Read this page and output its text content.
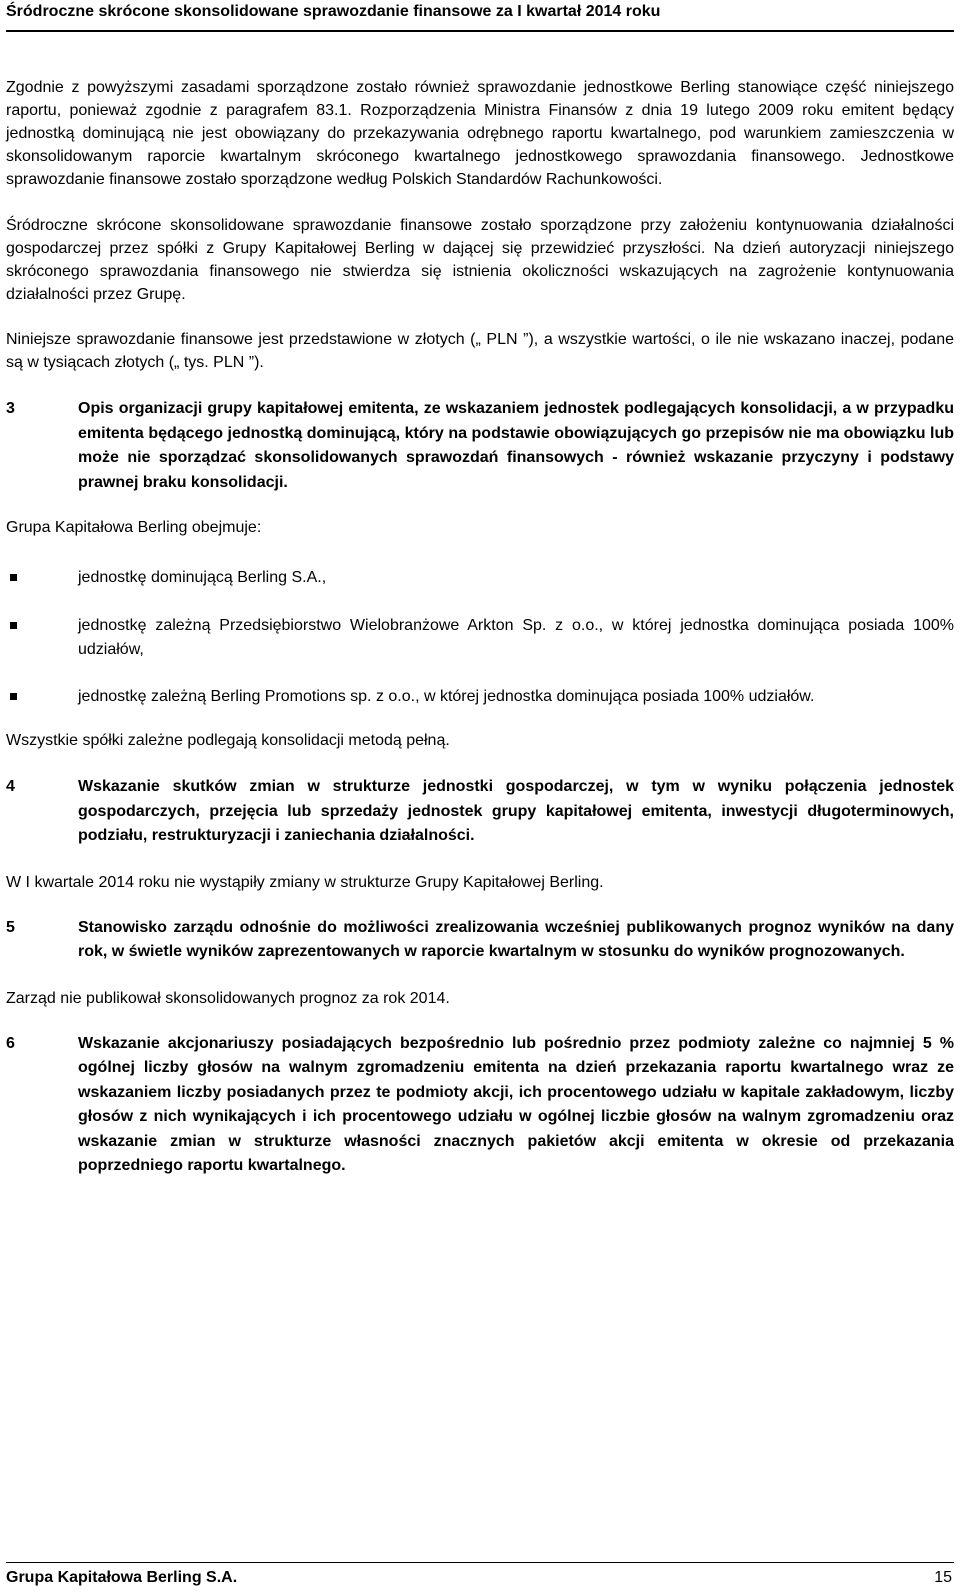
Śródroczne skrócone skonsolidowane sprawozdanie finansowe za I kwartał 2014 roku

Zgodnie z powyższymi zasadami sporządzone zostało również sprawozdanie jednostkowe Berling stanowiące część niniejszego raportu, ponieważ zgodnie z paragrafem 83.1. Rozporządzenia Ministra Finansów z dnia 19 lutego 2009 roku emitent będący jednostką dominującą nie jest obowiązany do przekazywania odrębnego raportu kwartalnego, pod warunkiem zamieszczenia w skonsolidowanym raporcie kwartalnym skróconego kwartalnego jednostkowego sprawozdania finansowego. Jednostkowe sprawozdanie finansowe zostało sporządzone według Polskich Standardów Rachunkowości.

Śródroczne skrócone skonsolidowane sprawozdanie finansowe zostało sporządzone przy założeniu kontynuowania działalności gospodarczej przez spółki z Grupy Kapitałowej Berling w dającej się przewidzieć przyszłości. Na dzień autoryzacji niniejszego skróconego sprawozdania finansowego nie stwierdza się istnienia okoliczności wskazujących na zagrożenie kontynuowania działalności przez Grupę.

Niniejsze sprawozdanie finansowe jest przedstawione w złotych („ PLN ”), a wszystkie wartości, o ile nie wskazano inaczej, podane są w tysiącach złotych („ tys. PLN ”).

3	Opis organizacji grupy kapitałowej emitenta, ze wskazaniem jednostek podlegających konsolidacji, a w przypadku emitenta będącego jednostką dominującą, który na podstawie obowiązujących go przepisów nie ma obowiązku lub może nie sporządzać skonsolidowanych sprawozdań finansowych - również wskazanie przyczyny i podstawy prawnej braku konsolidacji.

Grupa Kapitałowa Berling obejmuje:

jednostkę dominującą Berling S.A.,
jednostkę zależną Przedsiębiorstwo Wielobranżowe Arkton Sp. z o.o., w której jednostka dominująca posiada 100% udziałów,
jednostkę zależną Berling Promotions sp. z o.o., w której jednostka dominująca posiada 100% udziałów.

Wszystkie spółki zależne podlegają konsolidacji metodą pełną.

4	Wskazanie skutków zmian w strukturze jednostki gospodarczej, w tym w wyniku połączenia jednostek gospodarczych, przejęcia lub sprzedaży jednostek grupy kapitałowej emitenta, inwestycji długoterminowych, podziału, restrukturyzacji i zaniechania działalności.

W I kwartale 2014 roku nie wystąpiły zmiany w strukturze Grupy Kapitałowej Berling.

5	Stanowisko zarządu odnośnie do możliwości zrealizowania wcześniej publikowanych prognoz wyników na dany rok, w świetle wyników zaprezentowanych w raporcie kwartalnym w stosunku do wyników prognozowanych.

Zarząd nie publikował skonsolidowanych prognoz za rok 2014.

6	Wskazanie akcjonariuszy posiadających bezpośrednio lub pośrednio przez podmioty zależne co najmniej 5 % ogólnej liczby głosów na walnym zgromadzeniu emitenta na dzień przekazania raportu kwartalnego wraz ze wskazaniem liczby posiadanych przez te podmioty akcji, ich procentowego udziału w kapitale zakładowym, liczby głosów z nich wynikających i ich procentowego udziału w ogólnej liczbie głosów na walnym zgromadzeniu oraz wskazanie zmian w strukturze własności znacznych pakietów akcji emitenta w okresie od przekazania poprzedniego raportu kwartalnego.
Grupa Kapitałowa Berling S.A.	15
